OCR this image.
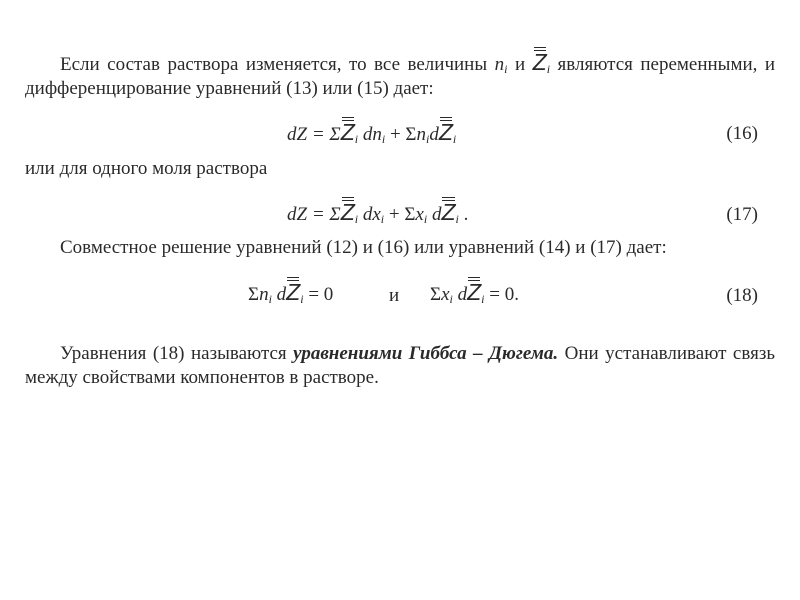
Если состав раствора изменяется, то все величины $n_i$ и $Z_i$ являются переменными, и дифференцирование уравнений (13) или (15) дает:
dZ = $\Sigma Z_i$ $dn_i + \Sigma n_idZ_i$	(16)
или для одного моля раствора
dZ = $\Sigma Z_i$ $dx_i + \Sigma x_i$ $dZ_i$ .	(17)
Совместное решение уравнений (12) и (16) или уравнений (14) и (17) дает:
$\Sigma n_i$ $dZ_i = 0$	и $\Sigma x_i$ $dZ_i = 0$.	(18)
Уравнения (18) называются уравнениями Гиббса – Дюгема. Они устанавливают связь между свойствами компонентов в растворе.
